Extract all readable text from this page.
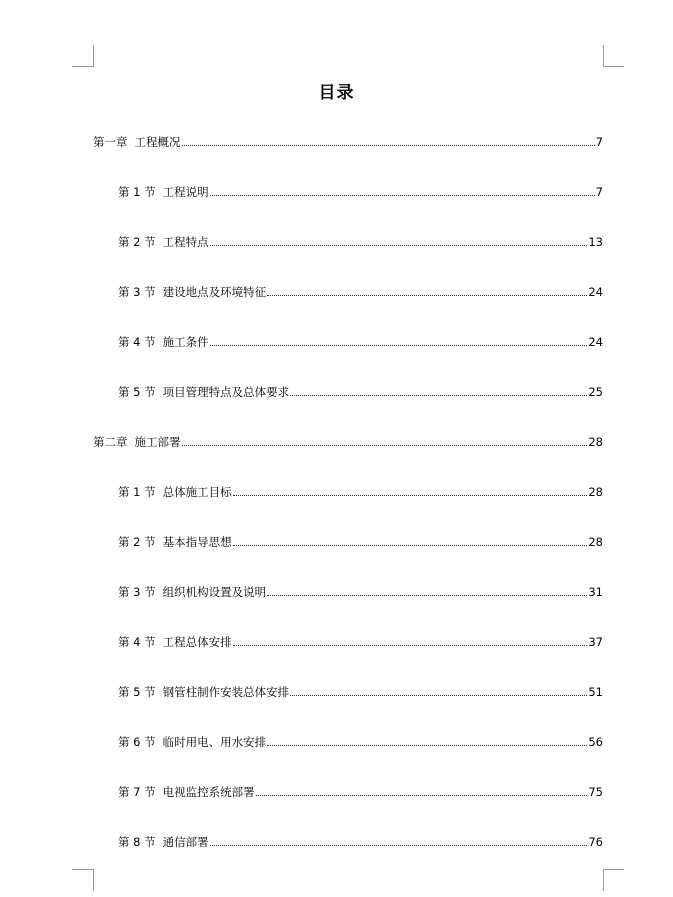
目录
第一章 工程概况	7
第 1 节 工程说明	7
第 2 节 工程特点	13
第 3 节 建设地点及环境特征	24
第 4 节 施工条件	24
第 5 节 项目管理特点及总体要求	25
第二章 施工部署	28
第 1 节 总体施工目标	28
第 2 节 基本指导思想	28
第 3 节 组织机构设置及说明	31
第 4 节 工程总体安排	37
第 5 节 钢管柱制作安装总体安排	51
第 6 节 临时用电、用水安排	56
第 7 节 电视监控系统部署	75
第 8 节 通信部署	76
